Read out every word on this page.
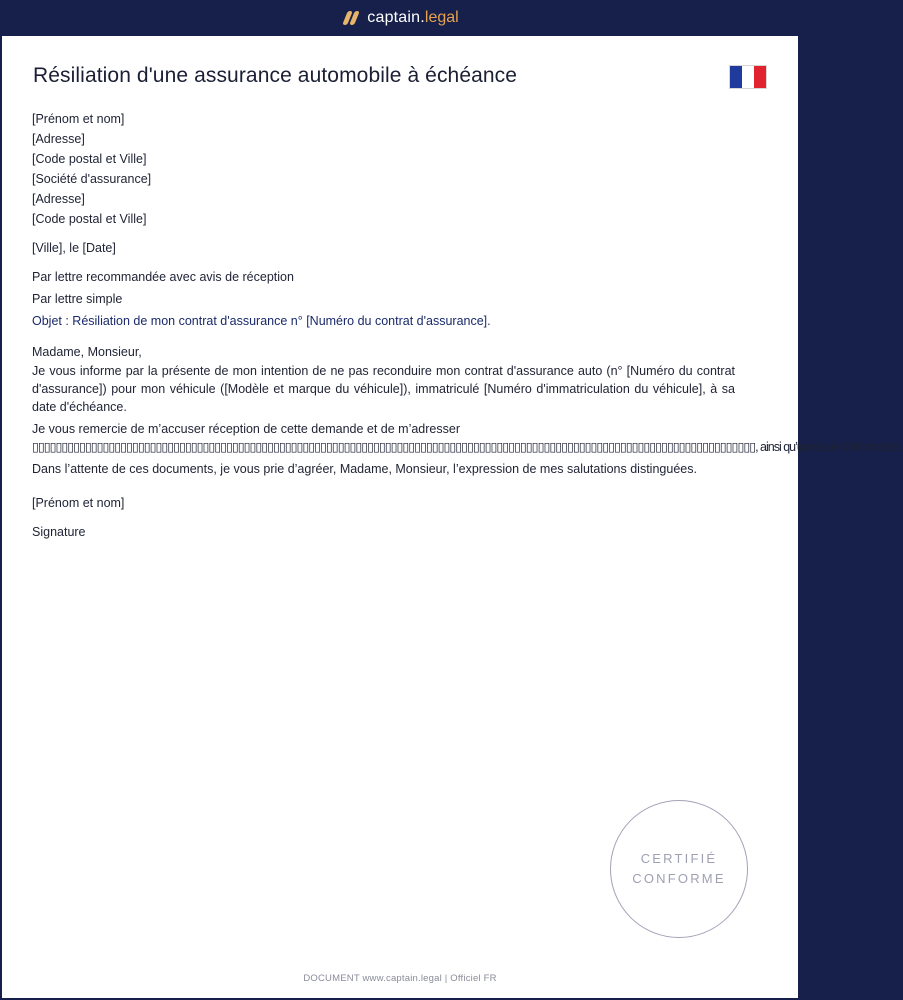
captain.legal
Résiliation d'une assurance automobile à échéance
[Prénom et nom]
[Adresse]
[Code postal et Ville]
[Société d'assurance]
[Adresse]
[Code postal et Ville]
[Ville], le [Date]
Par lettre recommandée avec avis de réception
Par lettre simple
Objet : Résiliation de mon contrat d'assurance n° [Numéro du contrat d'assurance].
Madame, Monsieur,
Je vous informe par la présente de mon intention de ne pas reconduire mon contrat d'assurance auto (n° [Numéro du contrat d'assurance]) pour mon véhicule ([Modèle et marque du véhicule]), immatriculé [Numéro d'immatriculation du véhicule], à sa date d'échéance.
Je vous remercie de m’accuser réception de cette demande et de m’adresser
▯▯▯▯▯▯▯▯▯▯▯▯▯▯▯▯▯▯▯▯▯▯▯▯▯▯▯▯▯▯▯▯▯▯▯▯▯▯▯▯▯▯▯▯▯▯▯▯▯▯▯▯▯▯▯▯▯▯▯▯▯▯▯▯▯▯▯▯▯▯▯▯▯▯▯▯▯▯▯▯▯▯▯▯▯▯▯▯▯▯▯▯▯▯▯▯▯▯▯▯▯▯▯▯▯▯▯▯▯▯▯▯▯▯▯▯▯▯▯▯▯▯▯, ainsi qu’un relevé d’information.
Dans l’attente de ces documents, je vous prie d’agréer, Madame, Monsieur, l’expression de mes salutations distinguées.
[Prénom et nom]
Signature
CERTIFIÉ
CONFORME
DOCUMENT www.captain.legal | Officiel FR
